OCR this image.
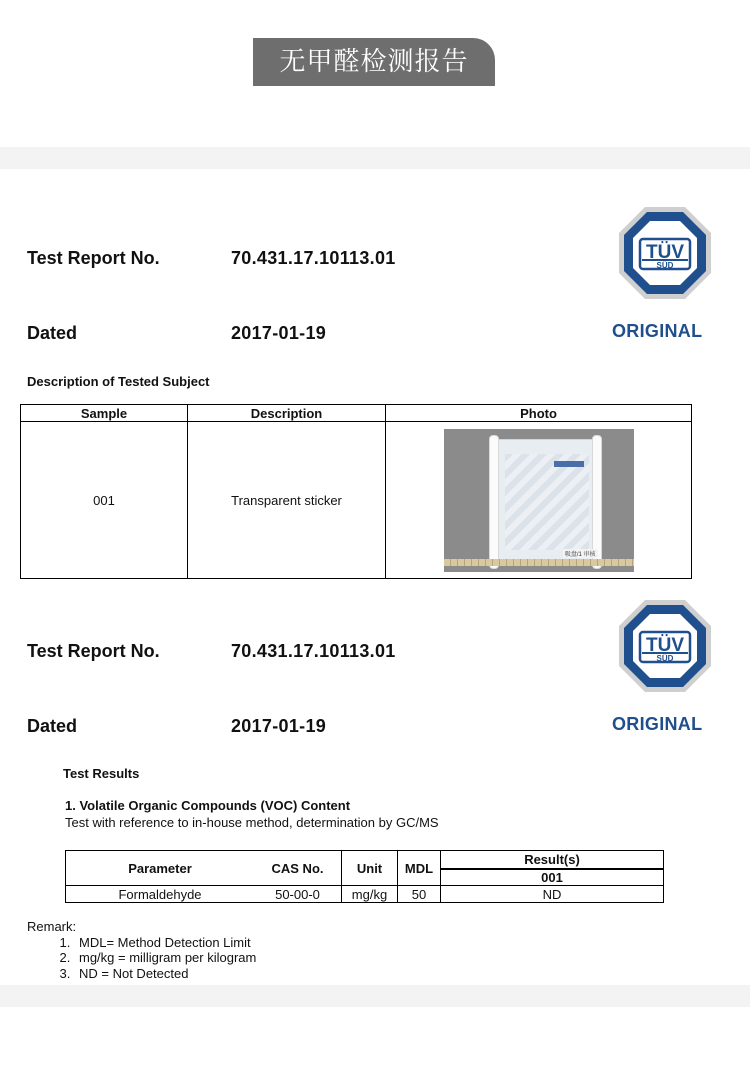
无甲醛检测报告
Test Report No.	70.431.17.10113.01
Dated	2017-01-19
TÜV
SÜD
ORIGINAL
Description of Tested Subject
Sample	Description	Photo
001	Transparent sticker	吸盘/1 审核
Test Report No.	70.431.17.10113.01
Dated	2017-01-19
TÜV
SÜD
ORIGINAL
Test Results
1. Volatile Organic Compounds (VOC) Content
Test with reference to in-house method, determination by GC/MS
Parameter	CAS No.	Unit	MDL	Result(s)
				001
Formaldehyde	50-00-0	mg/kg	50	ND
Remark:
1. MDL= Method Detection Limit
2. mg/kg = milligram per kilogram
3. ND = Not Detected
